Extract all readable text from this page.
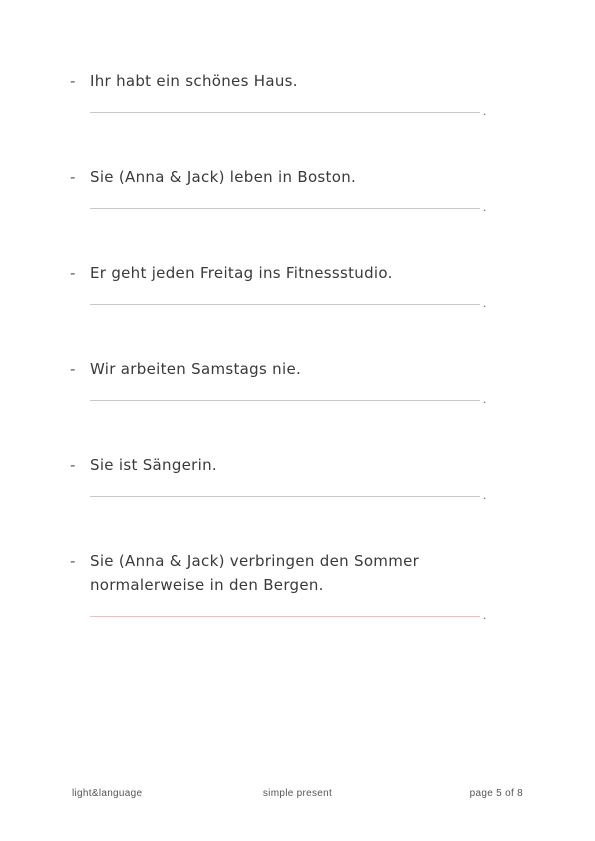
- Ihr habt ein schönes Haus.
.
- Sie (Anna & Jack) leben in Boston.
.
- Er geht jeden Freitag ins Fitnessstudio.
.
- Wir arbeiten Samstags nie.
.
- Sie ist Sängerin.
.
- Sie (Anna & Jack) verbringen den Sommer
normalerweise in den Bergen.
.
light&language	simple present	page 5 of 8
